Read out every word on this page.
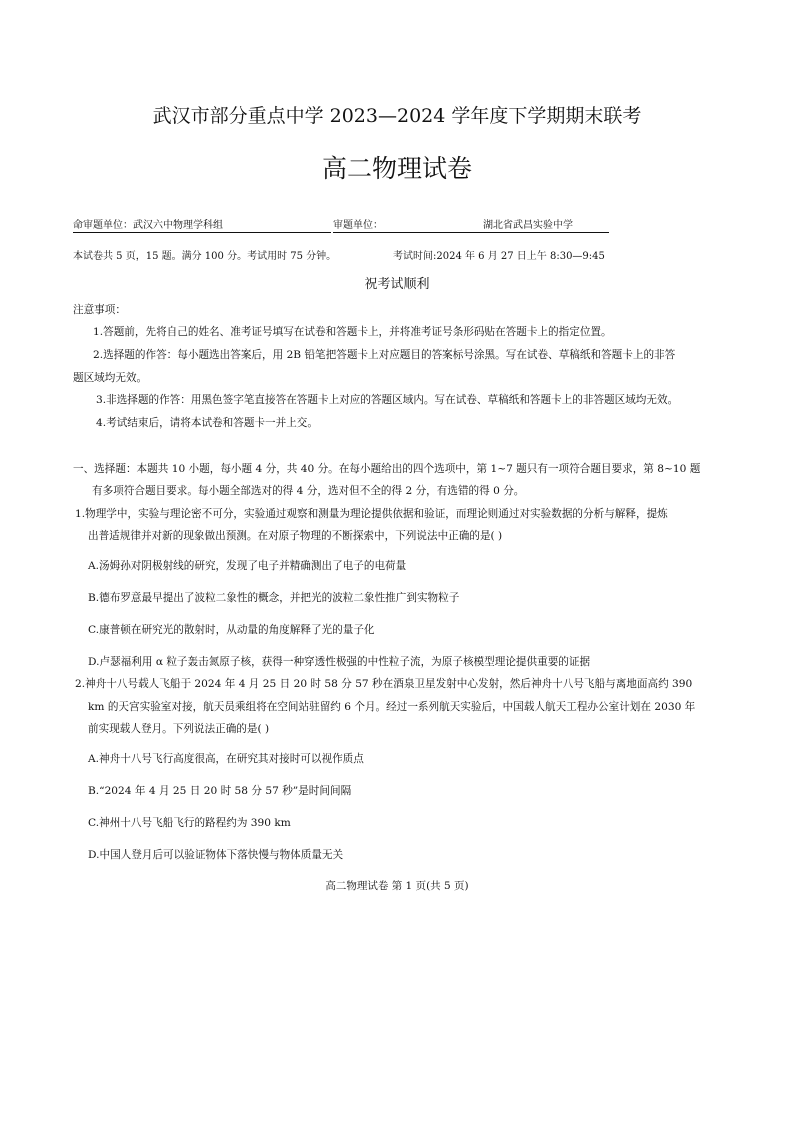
武汉市部分重点中学 2023—2024 学年度下学期期末联考
高二物理试卷
命审题单位：武汉六中物理学科组	审题单位：	湖北省武昌实验中学
本试卷共 5 页，15 题。满分 100 分。考试用时 75 分钟。	考试时间:2024 年 6 月 27 日上午 8:30—9:45
祝考试顺利
注意事项：
1.答题前，先将自己的姓名、准考证号填写在试卷和答题卡上，并将准考证号条形码贴在答题卡上的指定位置。
2.选择题的作答：每小题选出答案后，用 2B 铅笔把答题卡上对应题目的答案标号涂黑。写在试卷、草稿纸和答题卡上的非答
题区域均无效。
3.非选择题的作答：用黑色签字笔直接答在答题卡上对应的答题区域内。写在试卷、草稿纸和答题卡上的非答题区域均无效。
4.考试结束后，请将本试卷和答题卡一并上交。
一、选择题：本题共 10 小题，每小题 4 分，共 40 分。在每小题给出的四个选项中，第 1~7 题只有一项符合题目要求，第 8~10 题
有多项符合题目要求。每小题全部选对的得 4 分，选对但不全的得 2 分，有选错的得 0 分。
1.物理学中，实验与理论密不可分，实验通过观察和测量为理论提供依据和验证，而理论则通过对实验数据的分析与解释，提炼
出普适规律并对新的现象做出预测。在对原子物理的不断探索中，下列说法中正确的是( )
A.汤姆孙对阴极射线的研究，发现了电子并精确测出了电子的电荷量
B.德布罗意最早提出了波粒二象性的概念，并把光的波粒二象性推广到实物粒子
C.康普顿在研究光的散射时，从动量的角度解释了光的量子化
D.卢瑟福利用 α 粒子轰击氮原子核，获得一种穿透性极强的中性粒子流，为原子核模型理论提供重要的证据
2.神舟十八号载人飞船于 2024 年 4 月 25 日 20 时 58 分 57 秒在酒泉卫星发射中心发射，然后神舟十八号飞船与离地面高约 390
km 的天宫实验室对接，航天员乘组将在空间站驻留约 6 个月。经过一系列航天实验后，中国载人航天工程办公室计划在 2030 年
前实现载人登月。下列说法正确的是( )
A.神舟十八号飞行高度很高，在研究其对接时可以视作质点
B.“2024 年 4 月 25 日 20 时 58 分 57 秒”是时间间隔
C.神州十八号飞船飞行的路程约为 390 km
D.中国人登月后可以验证物体下落快慢与物体质量无关
高二物理试卷 第 1 页(共 5 页)
